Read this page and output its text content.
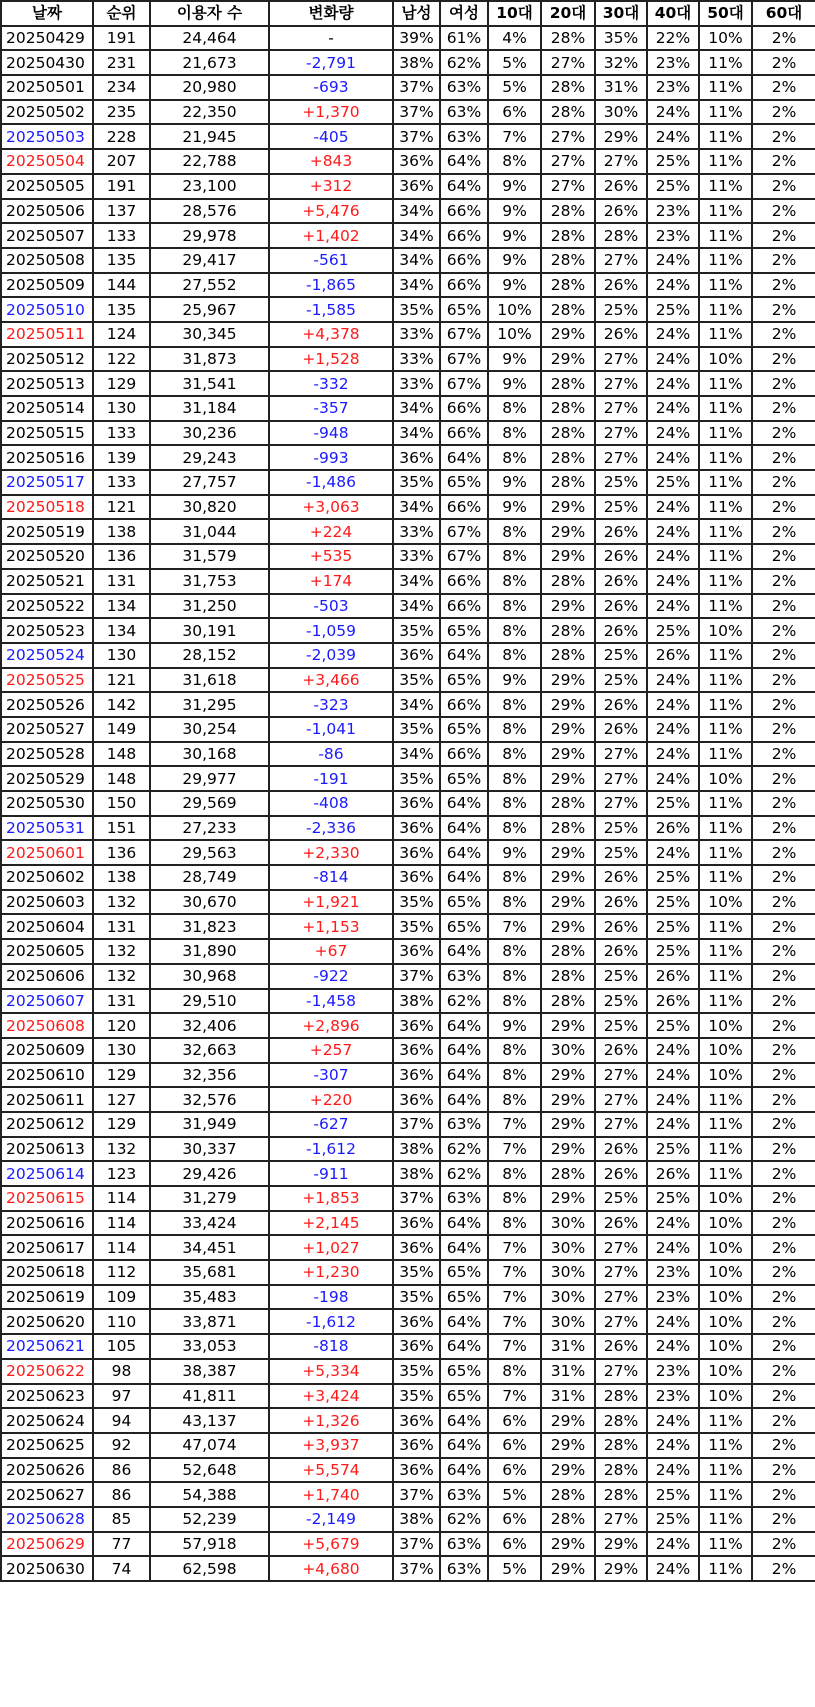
날짜	순위	이용자 수	변화량	남성	여성	10대	20대	30대	40대	50대	60대
20250429	191	24,464	-	39%	61%	4%	28%	35%	22%	10%	2%
20250430	231	21,673	-2,791	38%	62%	5%	27%	32%	23%	11%	2%
20250501	234	20,980	-693	37%	63%	5%	28%	31%	23%	11%	2%
20250502	235	22,350	+1,370	37%	63%	6%	28%	30%	24%	11%	2%
20250503	228	21,945	-405	37%	63%	7%	27%	29%	24%	11%	2%
20250504	207	22,788	+843	36%	64%	8%	27%	27%	25%	11%	2%
20250505	191	23,100	+312	36%	64%	9%	27%	26%	25%	11%	2%
20250506	137	28,576	+5,476	34%	66%	9%	28%	26%	23%	11%	2%
20250507	133	29,978	+1,402	34%	66%	9%	28%	28%	23%	11%	2%
20250508	135	29,417	-561	34%	66%	9%	28%	27%	24%	11%	2%
20250509	144	27,552	-1,865	34%	66%	9%	28%	26%	24%	11%	2%
20250510	135	25,967	-1,585	35%	65%	10%	28%	25%	25%	11%	2%
20250511	124	30,345	+4,378	33%	67%	10%	29%	26%	24%	11%	2%
20250512	122	31,873	+1,528	33%	67%	9%	29%	27%	24%	10%	2%
20250513	129	31,541	-332	33%	67%	9%	28%	27%	24%	11%	2%
20250514	130	31,184	-357	34%	66%	8%	28%	27%	24%	11%	2%
20250515	133	30,236	-948	34%	66%	8%	28%	27%	24%	11%	2%
20250516	139	29,243	-993	36%	64%	8%	28%	27%	24%	11%	2%
20250517	133	27,757	-1,486	35%	65%	9%	28%	25%	25%	11%	2%
20250518	121	30,820	+3,063	34%	66%	9%	29%	25%	24%	11%	2%
20250519	138	31,044	+224	33%	67%	8%	29%	26%	24%	11%	2%
20250520	136	31,579	+535	33%	67%	8%	29%	26%	24%	11%	2%
20250521	131	31,753	+174	34%	66%	8%	28%	26%	24%	11%	2%
20250522	134	31,250	-503	34%	66%	8%	29%	26%	24%	11%	2%
20250523	134	30,191	-1,059	35%	65%	8%	28%	26%	25%	10%	2%
20250524	130	28,152	-2,039	36%	64%	8%	28%	25%	26%	11%	2%
20250525	121	31,618	+3,466	35%	65%	9%	29%	25%	24%	11%	2%
20250526	142	31,295	-323	34%	66%	8%	29%	26%	24%	11%	2%
20250527	149	30,254	-1,041	35%	65%	8%	29%	26%	24%	11%	2%
20250528	148	30,168	-86	34%	66%	8%	29%	27%	24%	11%	2%
20250529	148	29,977	-191	35%	65%	8%	29%	27%	24%	10%	2%
20250530	150	29,569	-408	36%	64%	8%	28%	27%	25%	11%	2%
20250531	151	27,233	-2,336	36%	64%	8%	28%	25%	26%	11%	2%
20250601	136	29,563	+2,330	36%	64%	9%	29%	25%	24%	11%	2%
20250602	138	28,749	-814	36%	64%	8%	29%	26%	25%	11%	2%
20250603	132	30,670	+1,921	35%	65%	8%	29%	26%	25%	10%	2%
20250604	131	31,823	+1,153	35%	65%	7%	29%	26%	25%	11%	2%
20250605	132	31,890	+67	36%	64%	8%	28%	26%	25%	11%	2%
20250606	132	30,968	-922	37%	63%	8%	28%	25%	26%	11%	2%
20250607	131	29,510	-1,458	38%	62%	8%	28%	25%	26%	11%	2%
20250608	120	32,406	+2,896	36%	64%	9%	29%	25%	25%	10%	2%
20250609	130	32,663	+257	36%	64%	8%	30%	26%	24%	10%	2%
20250610	129	32,356	-307	36%	64%	8%	29%	27%	24%	10%	2%
20250611	127	32,576	+220	36%	64%	8%	29%	27%	24%	11%	2%
20250612	129	31,949	-627	37%	63%	7%	29%	27%	24%	11%	2%
20250613	132	30,337	-1,612	38%	62%	7%	29%	26%	25%	11%	2%
20250614	123	29,426	-911	38%	62%	8%	28%	26%	26%	11%	2%
20250615	114	31,279	+1,853	37%	63%	8%	29%	25%	25%	10%	2%
20250616	114	33,424	+2,145	36%	64%	8%	30%	26%	24%	10%	2%
20250617	114	34,451	+1,027	36%	64%	7%	30%	27%	24%	10%	2%
20250618	112	35,681	+1,230	35%	65%	7%	30%	27%	23%	10%	2%
20250619	109	35,483	-198	35%	65%	7%	30%	27%	23%	10%	2%
20250620	110	33,871	-1,612	36%	64%	7%	30%	27%	24%	10%	2%
20250621	105	33,053	-818	36%	64%	7%	31%	26%	24%	10%	2%
20250622	98	38,387	+5,334	35%	65%	8%	31%	27%	23%	10%	2%
20250623	97	41,811	+3,424	35%	65%	7%	31%	28%	23%	10%	2%
20250624	94	43,137	+1,326	36%	64%	6%	29%	28%	24%	11%	2%
20250625	92	47,074	+3,937	36%	64%	6%	29%	28%	24%	11%	2%
20250626	86	52,648	+5,574	36%	64%	6%	29%	28%	24%	11%	2%
20250627	86	54,388	+1,740	37%	63%	5%	28%	28%	25%	11%	2%
20250628	85	52,239	-2,149	38%	62%	6%	28%	27%	25%	11%	2%
20250629	77	57,918	+5,679	37%	63%	6%	29%	29%	24%	11%	2%
20250630	74	62,598	+4,680	37%	63%	5%	29%	29%	24%	11%	2%
